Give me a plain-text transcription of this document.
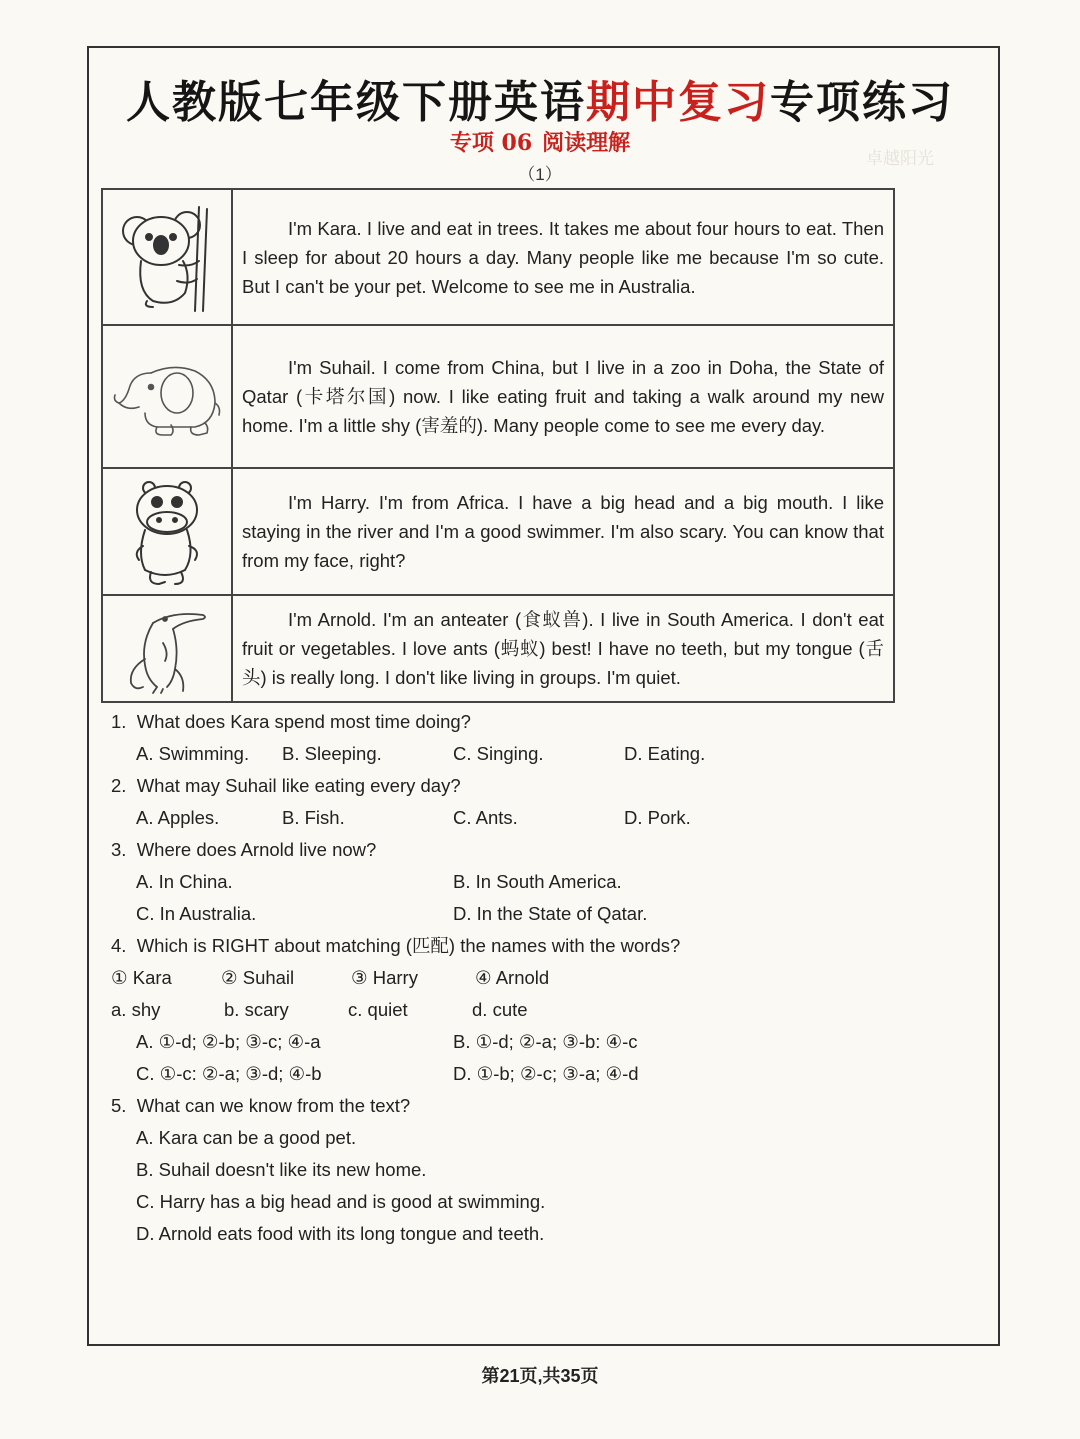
人教版七年级下册英语期中复习专项练习
专项 06 阅读理解
（1）
卓越阳光
	I'm Kara. I live and eat in trees. It takes me about four hours to eat. Then I sleep for about 20 hours a day. Many people like me because I'm so cute. But I can't be your pet. Welcome to see me in Australia.

	I'm Suhail. I come from China, but I live in a zoo in Doha, the State of Qatar (卡塔尔国) now. I like eating fruit and taking a walk around my new home. I'm a little shy (害羞的). Many people come to see me every day.

	I'm Harry. I'm from Africa. I have a big head and a big mouth. I like staying in the river and I'm a good swimmer. I'm also scary. You can know that from my face, right?

	I'm Arnold. I'm an anteater (食蚁兽). I live in South America. I don't eat fruit or vegetables. I love ants (蚂蚁) best! I have no teeth, but my tongue (舌头) is really long. I don't like living in groups. I'm quiet.
1. What does Kara spend most time doing?
A. Swimming. B. Sleeping.	C. Singing.	D. Eating.
2. What may Suhail like eating every day?
A. Apples.	B. Fish.	C. Ants.	D. Pork.
3. Where does Arnold live now?
A. In China.	B. In South America.
C. In Australia.	D. In the State of Qatar.
4. Which is RIGHT about matching (匹配) the names with the words?
① Kara	② Suhail	③ Harry	④ Arnold
a. shy	b. scary	c. quiet	d. cute
A. ①-d; ②-b; ③-c; ④-a	B. ①-d; ②-a; ③-b: ④-c
C. ①-c: ②-a; ③-d; ④-b	D. ①-b; ②-c; ③-a; ④-d
5. What can we know from the text?
A. Kara can be a good pet.
B. Suhail doesn't like its new home.
C. Harry has a big head and is good at swimming.
D. Arnold eats food with its long tongue and teeth.
第21页,共35页
